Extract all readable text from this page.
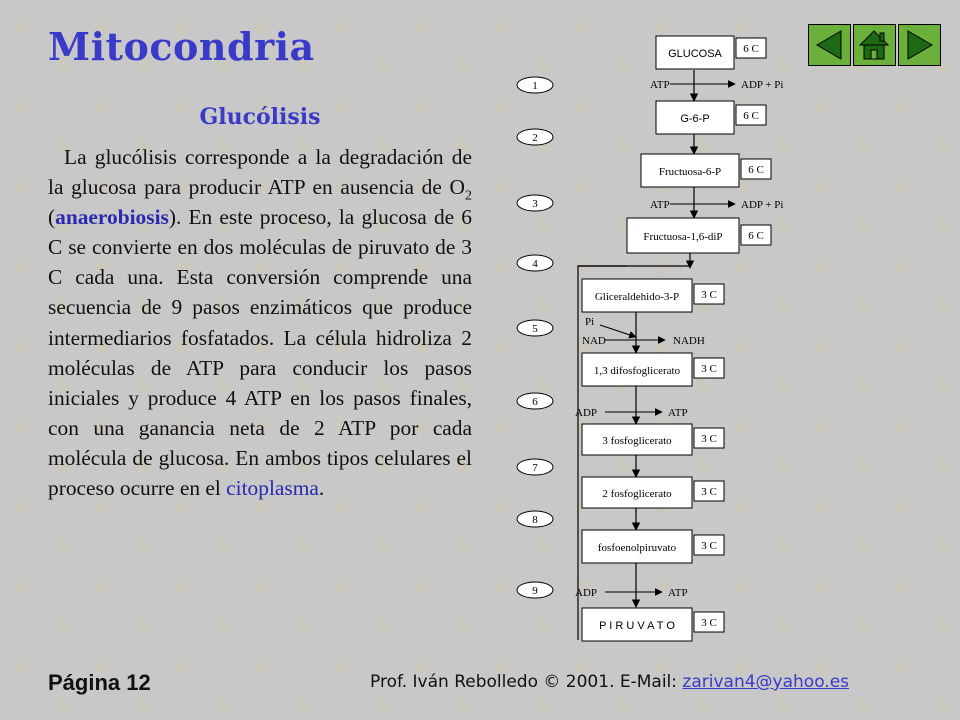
Mitocondria
Glucólisis

La glucólisis corresponde a la degradación de la glucosa para producir ATP en ausencia de $O_2$ (anaerobiosis). En este proceso, la glucosa de 6 C se convierte en dos moléculas de piruvato de 3 C cada una. Esta conversión comprende una secuencia de 9 pasos enzimáticos que produce intermediarios fosfatados. La célula hidroliza 2 moléculas de ATP para conducir los pasos iniciales y produce 4 ATP en los pasos finales, con una ganancia neta de 2 ATP por cada molécula de glucosa. En ambos tipos celulares el proceso ocurre en el citoplasma.

1
2
3
4
5
6
7
8
9
ATP	ADP + Pi
ATP	ADP + Pi
Pi
NAD	NADH
ADP	ATP
ADP	ATP
GLUCOSA 6 C
G-6-P	6 C
Fructuosa-6-P 6 C
Fructuosa-1,6-diP 6 C
Gliceraldehido-3-P 3 C
1,3 difosfoglicerato 3 C
3 fosfoglicerato	3 C
2 fosfoglicerato	3 C
fosfoenolpiruvato 3 C
P I R U V A T O 3 C
Página 12	Prof. Iván Rebolledo © 2001. E-Mail: zarivan4@yahoo.es
